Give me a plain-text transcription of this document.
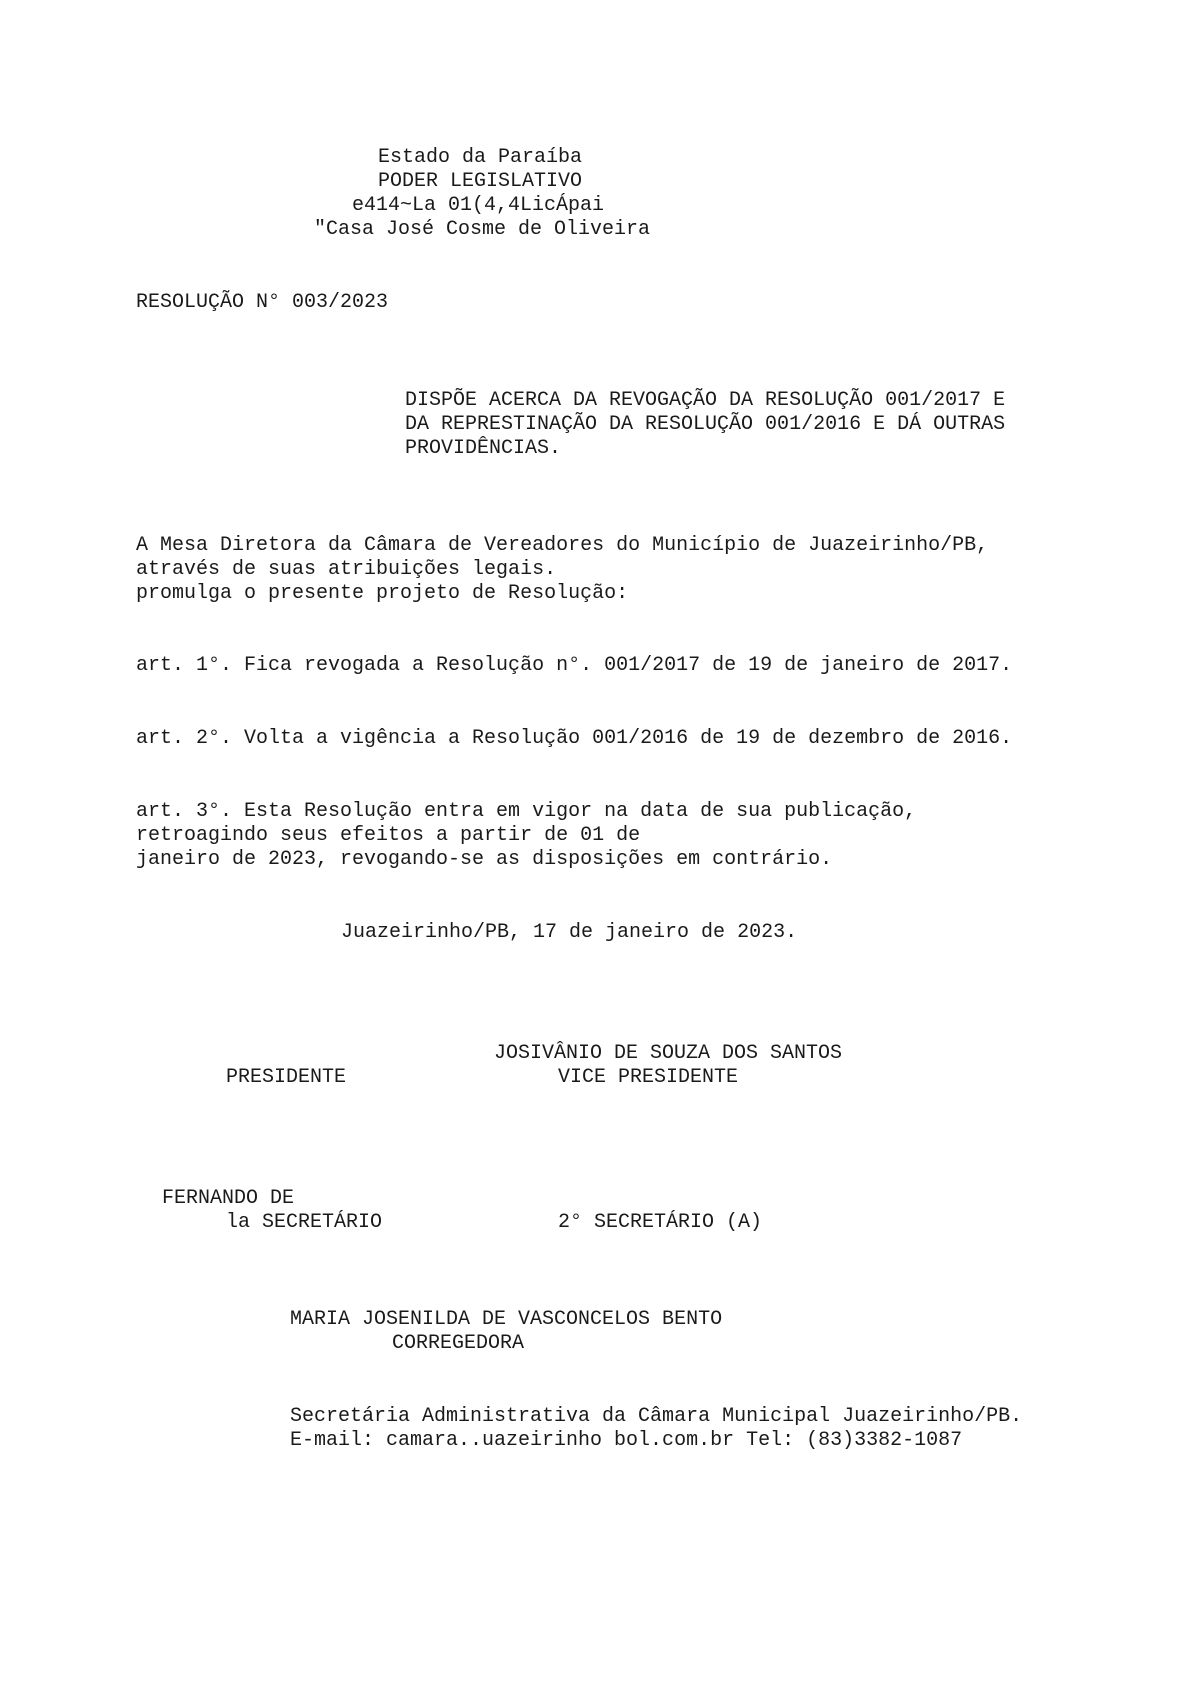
Estado da Paraíba

PODER LEGISLATIVO

e414~La 01(4,4LicÁpai

"Casa José Cosme de Oliveira

RESOLUÇÃO N° 003/2023

DISPÕE ACERCA DA REVOGAÇÃO DA RESOLUÇÃO 001/2017 E

DA REPRESTINAÇÃO DA RESOLUÇÃO 001/2016 E DÁ OUTRAS

PROVIDÊNCIAS.

A Mesa Diretora da Câmara de Vereadores do Município de Juazeirinho/PB,

através de suas atribuições legais.

promulga o presente projeto de Resolução:

art. 1°. Fica revogada a Resolução n°. 001/2017 de 19 de janeiro de 2017.

art. 2°. Volta a vigência a Resolução 001/2016 de 19 de dezembro de 2016.

art. 3°. Esta Resolução entra em vigor na data de sua publicação,

retroagindo seus efeitos a partir de 01 de

janeiro de 2023, revogando-se as disposições em contrário.

Juazeirinho/PB, 17 de janeiro de 2023.

JOSIVÂNIO DE SOUZA DOS SANTOS

PRESIDENTE	VICE PRESIDENTE

FERNANDO DE

la SECRETÁRIO	2° SECRETÁRIO (A)

MARIA JOSENILDA DE VASCONCELOS BENTO

CORREGEDORA

Secretária Administrativa da Câmara Municipal Juazeirinho/PB.

E-mail: camara..uazeirinho bol.com.br Tel: (83)3382-1087
